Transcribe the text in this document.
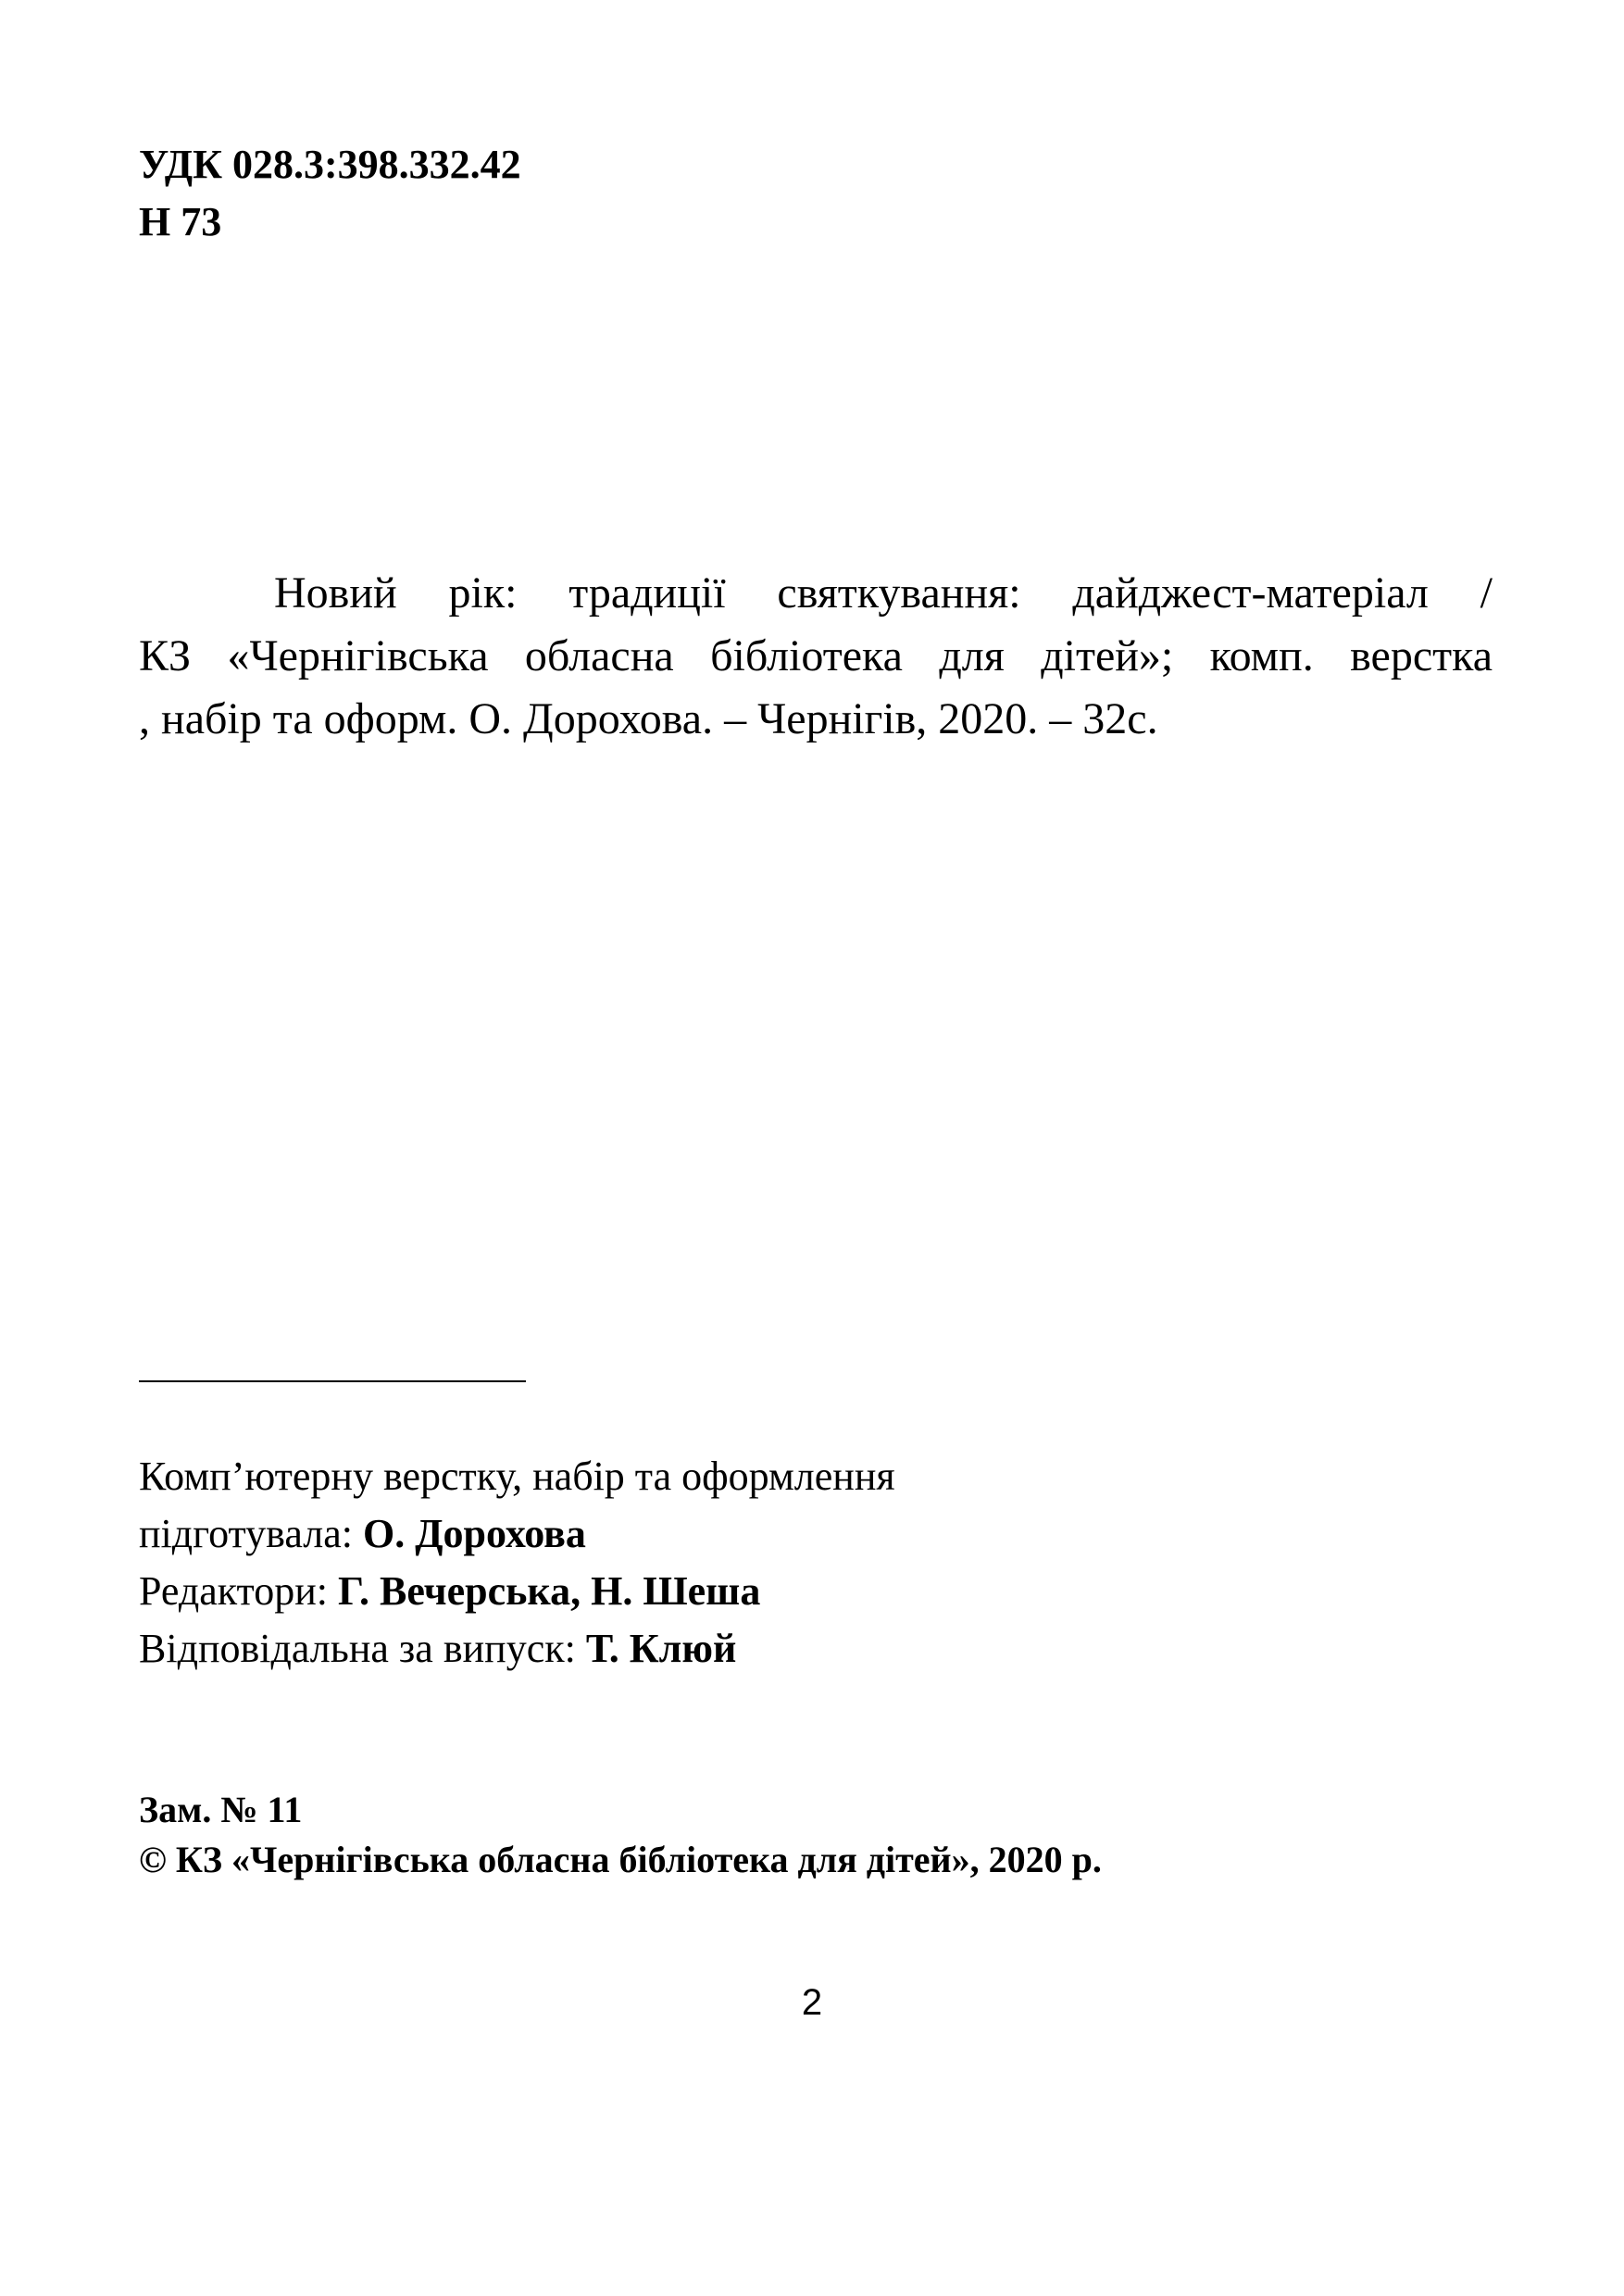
УДК 028.3:398.332.42
Н 73
Новий рік: традиції святкування: дайджест-матеріал /
КЗ «Чернігівська обласна бібліотека для дітей»; комп. верстка
, набір та оформ. О. Дорохова. – Чернігів, 2020. – 32с.
Комп’ютерну верстку, набір та оформлення
підготувала: О. Дорохова
Редактори: Г. Вечерська, Н. Шеша
Відповідальна за випуск: Т. Клюй
Зам. № 11
© КЗ «Чернігівська обласна бібліотека для дітей», 2020 р.
2
